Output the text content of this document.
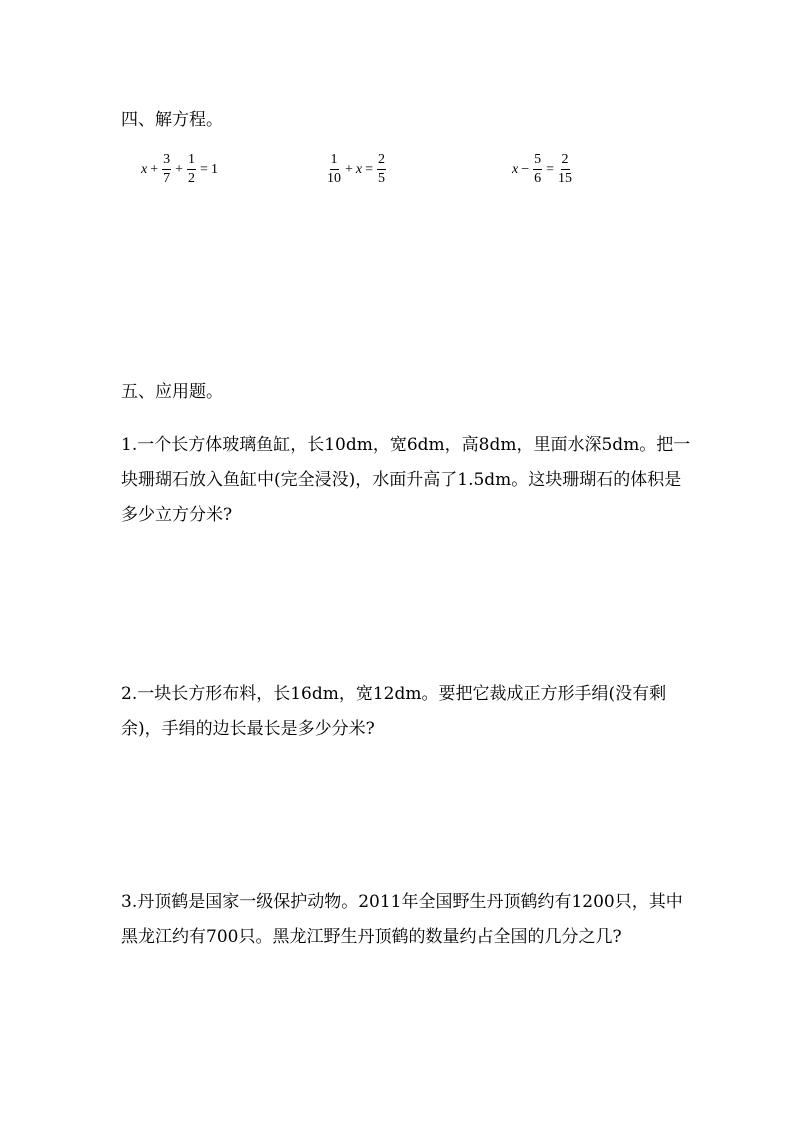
四、解方程。
$x + \frac{3}{7} + \frac{1}{2} = 1$	$\frac{1}{10} + x = \frac{2}{5}$	$x - \frac{5}{6} = \frac{2}{15}$
五、应用题。

1.一个长方体玻璃鱼缸，长10dm，宽6dm，高8dm，里面水深5dm。把一块珊瑚石放入鱼缸中(完全浸没)，水面升高了1.5dm。这块珊瑚石的体积是多少立方分米?

2.一块长方形布料，长16dm，宽12dm。要把它裁成正方形手绢(没有剩余)，手绢的边长最长是多少分米?

3.丹顶鹤是国家一级保护动物。2011年全国野生丹顶鹤约有1200只，其中黑龙江约有700只。黑龙江野生丹顶鹤的数量约占全国的几分之几?
